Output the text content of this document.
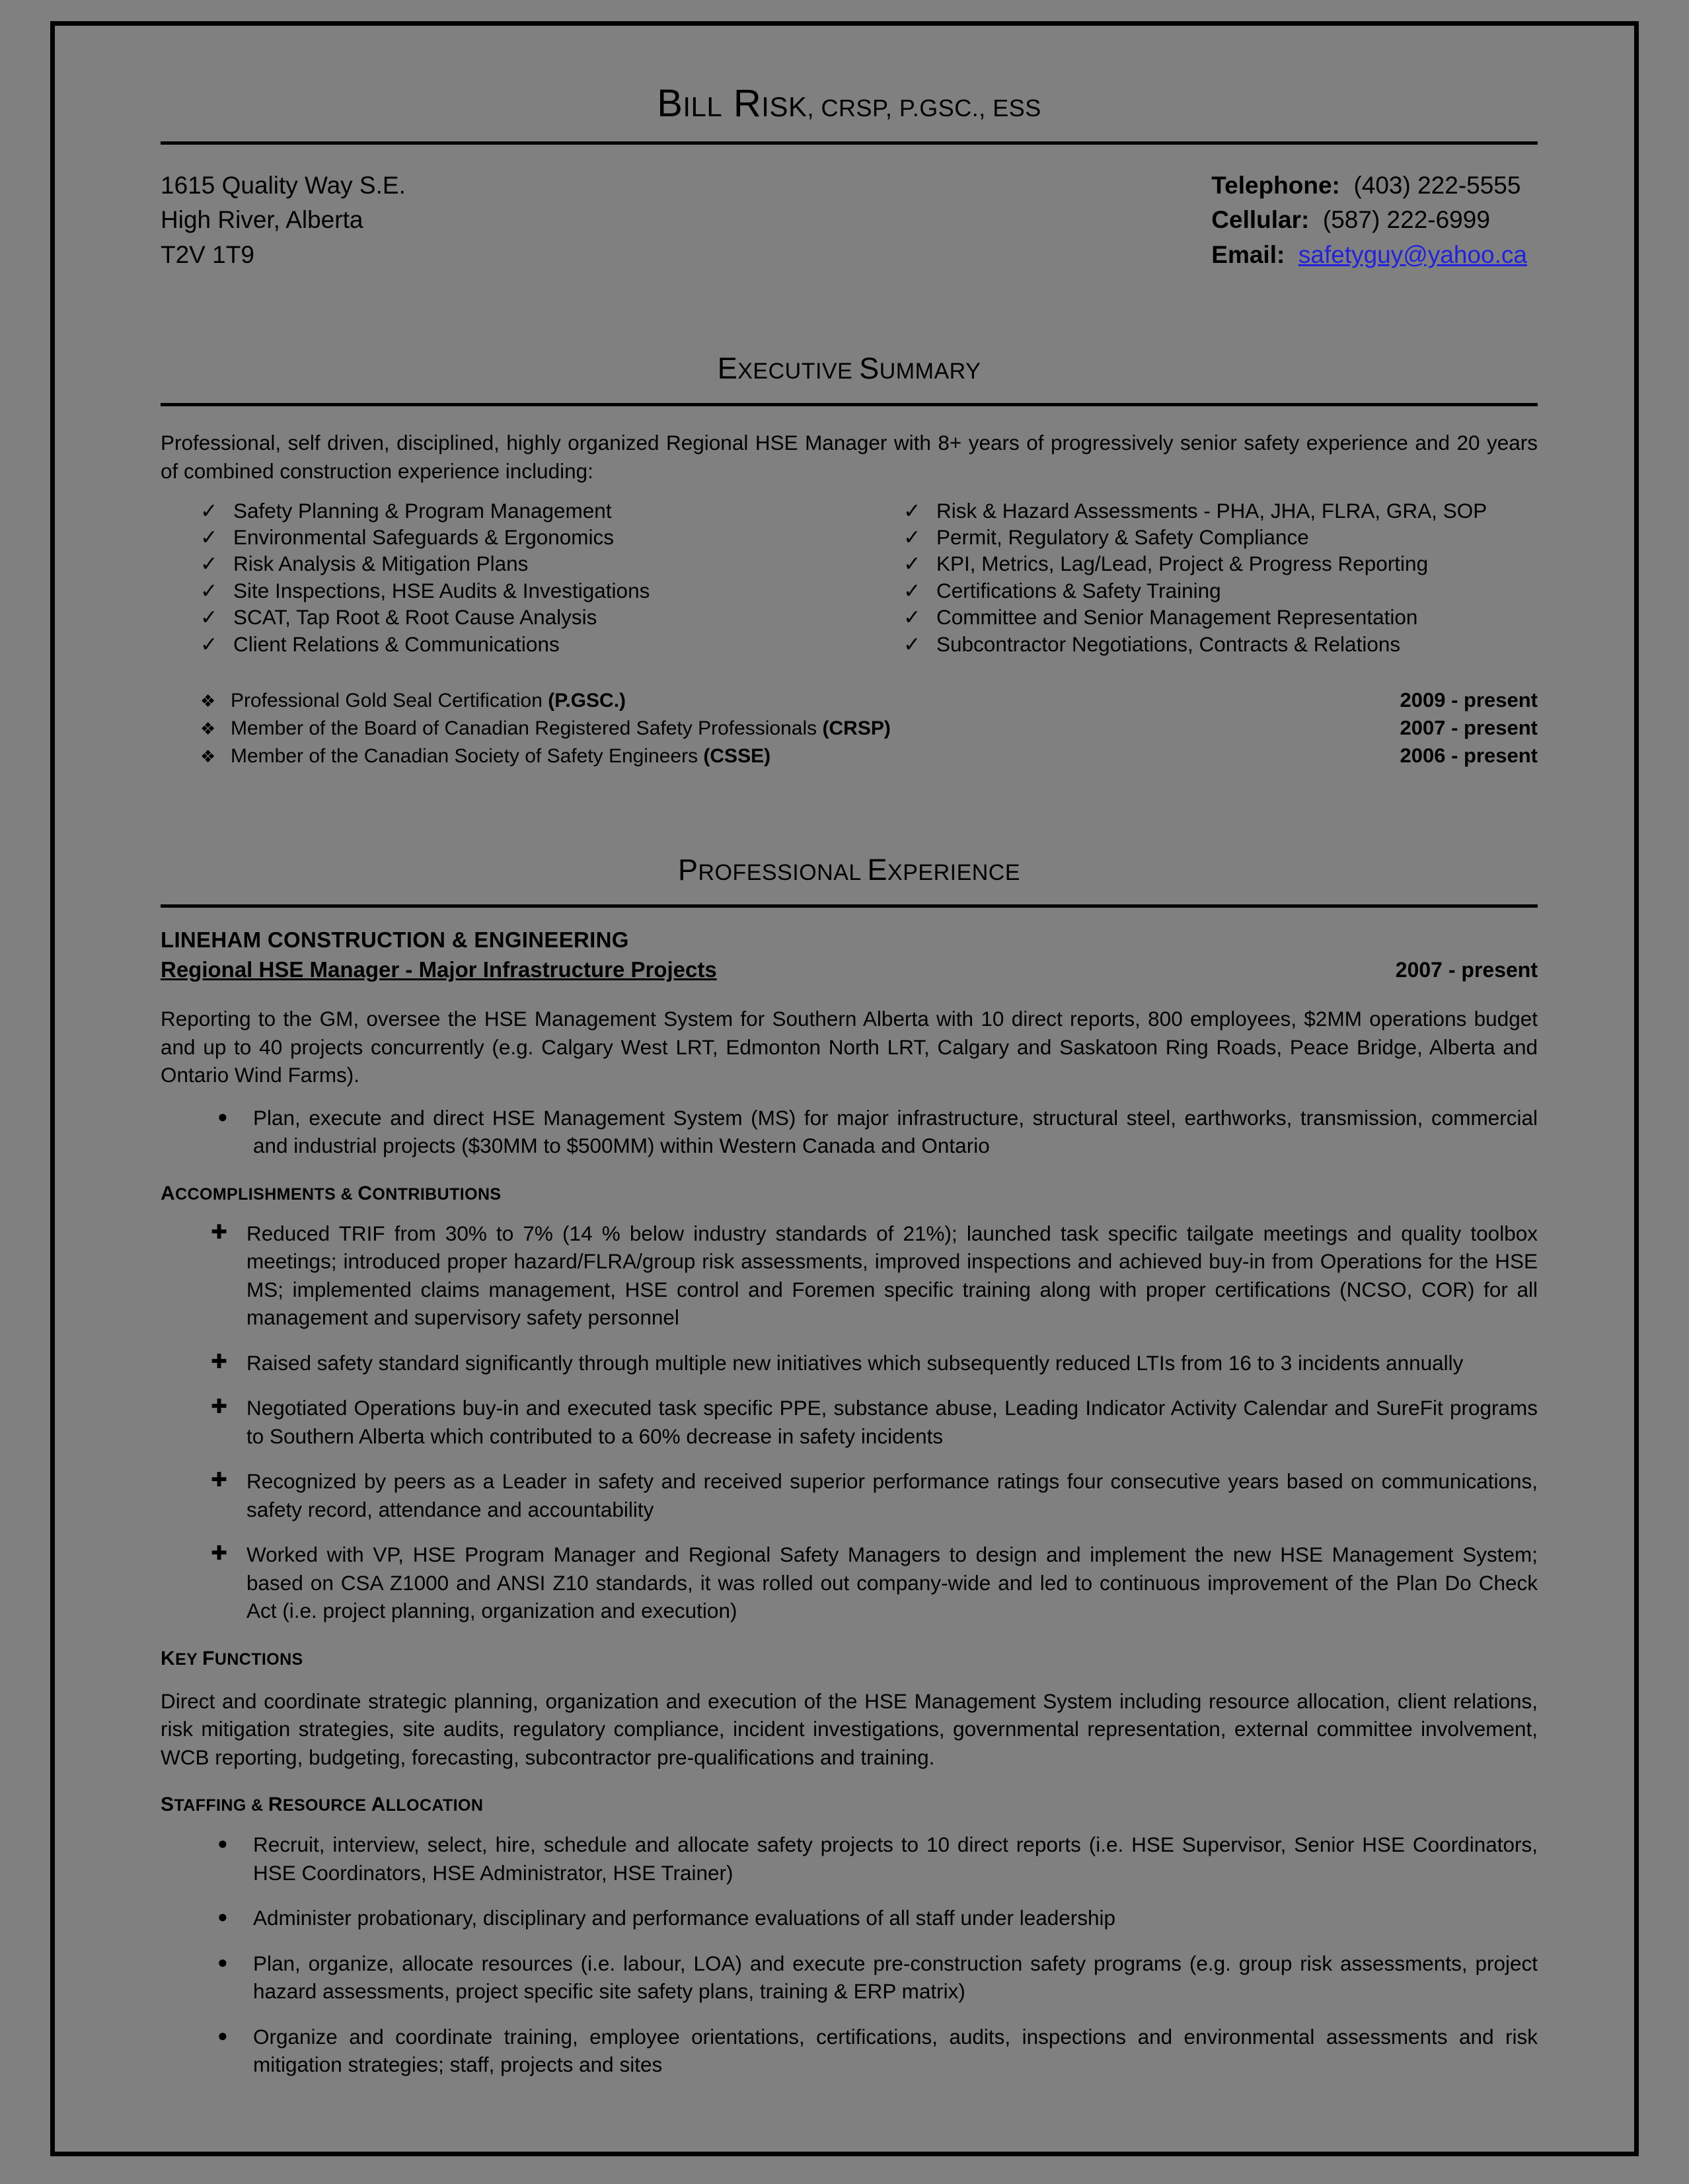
BILL RISK, CRSP, P.GSC., ESS
1615 Quality Way S.E.
High River, Alberta
T2V 1T9
Telephone: (403) 222-5555
Cellular: (587) 222-6999
Email: safetyguy@yahoo.ca
EXECUTIVE SUMMARY
Professional, self driven, disciplined, highly organized Regional HSE Manager with 8+ years of progressively senior safety experience and 20 years of combined construction experience including:
✓ Safety Planning & Program Management
✓ Environmental Safeguards & Ergonomics
✓ Risk Analysis & Mitigation Plans
✓ Site Inspections, HSE Audits & Investigations
✓ SCAT, Tap Root & Root Cause Analysis
✓ Client Relations & Communications
✓ Risk & Hazard Assessments - PHA, JHA, FLRA, GRA, SOP
✓ Permit, Regulatory & Safety Compliance
✓ KPI, Metrics, Lag/Lead, Project & Progress Reporting
✓ Certifications & Safety Training
✓ Committee and Senior Management Representation
✓ Subcontractor Negotiations, Contracts & Relations
❖ Professional Gold Seal Certification (P.GSC.)	2009 - present
❖ Member of the Board of Canadian Registered Safety Professionals (CRSP)	2007 - present
❖ Member of the Canadian Society of Safety Engineers (CSSE)	2006 - present
PROFESSIONAL EXPERIENCE
LINEHAM CONSTRUCTION & ENGINEERING
Regional HSE Manager - Major Infrastructure Projects	2007 - present
Reporting to the GM, oversee the HSE Management System for Southern Alberta with 10 direct reports, 800 employees, $2MM operations budget and up to 40 projects concurrently (e.g. Calgary West LRT, Edmonton North LRT, Calgary and Saskatoon Ring Roads, Peace Bridge, Alberta and Ontario Wind Farms).
●	Plan, execute and direct HSE Management System (MS) for major infrastructure, structural steel, earthworks, transmission, commercial and industrial projects ($30MM to $500MM) within Western Canada and Ontario
ACCOMPLISHMENTS & CONTRIBUTIONS
✚ Reduced TRIF from 30% to 7% (14 % below industry standards of 21%); launched task specific tailgate meetings and quality toolbox meetings; introduced proper hazard/FLRA/group risk assessments, improved inspections and achieved buy-in from Operations for the HSE MS; implemented claims management, HSE control and Foremen specific training along with proper certifications (NCSO, COR) for all management and supervisory safety personnel
✚ Raised safety standard significantly through multiple new initiatives which subsequently reduced LTIs from 16 to 3 incidents annually
✚ Negotiated Operations buy-in and executed task specific PPE, substance abuse, Leading Indicator Activity Calendar and SureFit programs to Southern Alberta which contributed to a 60% decrease in safety incidents
✚ Recognized by peers as a Leader in safety and received superior performance ratings four consecutive years based on communications, safety record, attendance and accountability
✚ Worked with VP, HSE Program Manager and Regional Safety Managers to design and implement the new HSE Management System; based on CSA Z1000 and ANSI Z10 standards, it was rolled out company-wide and led to continuous improvement of the Plan Do Check Act (i.e. project planning, organization and execution)
KEY FUNCTIONS
Direct and coordinate strategic planning, organization and execution of the HSE Management System including resource allocation, client relations, risk mitigation strategies, site audits, regulatory compliance, incident investigations, governmental representation, external committee involvement, WCB reporting, budgeting, forecasting, subcontractor pre-qualifications and training.
STAFFING & RESOURCE ALLOCATION
●	Recruit, interview, select, hire, schedule and allocate safety projects to 10 direct reports (i.e. HSE Supervisor, Senior HSE Coordinators, HSE Coordinators, HSE Administrator, HSE Trainer)
●	Administer probationary, disciplinary and performance evaluations of all staff under leadership
●	Plan, organize, allocate resources (i.e. labour, LOA) and execute pre-construction safety programs (e.g. group risk assessments, project hazard assessments, project specific site safety plans, training & ERP matrix)
●	Organize and coordinate training, employee orientations, certifications, audits, inspections and environmental assessments and risk mitigation strategies; staff, projects and sites
